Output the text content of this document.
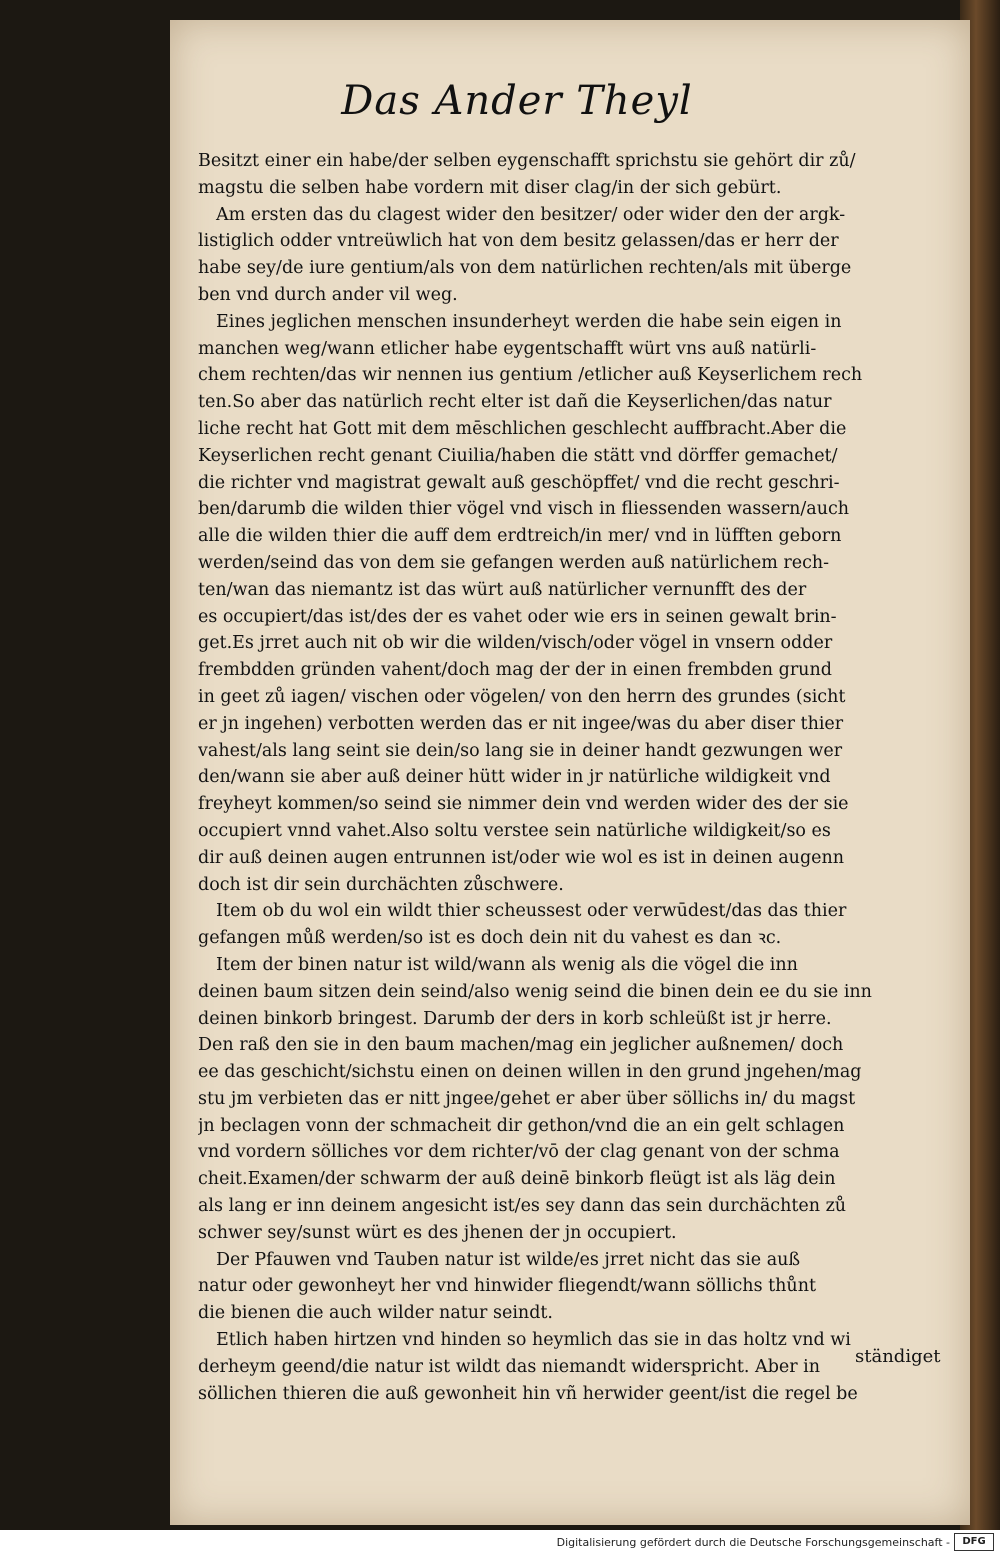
Das Ander Theyl
Besitzt einer ein habe/der selben eygenschafft sprichstu sie gehört dir zů/
magstu die selben habe vordern mit diser clag/in der sich gebürt.
Am ersten das du clagest wider den besitzer/ oder wider den der argk-
listiglich odder vntreüwlich hat von dem besitz gelassen/das er herr der
habe sey/de iure gentium/als von dem natürlichen rechten/als mit überge
ben vnd durch ander vil weg.
Eines jeglichen menschen insunderheyt werden die habe sein eigen in
manchen weg/wann etlicher habe eygentschafft würt vns auß natürli-
chem rechten/das wir nennen ius gentium /etlicher auß Keyserlichem rech
ten.So aber das natürlich recht elter ist dañ die Keyserlichen/das natur
liche recht hat Gott mit dem mēschlichen geschlecht auffbracht.Aber die
Keyserlichen recht genant Ciuilia/haben die stätt vnd dörffer gemachet/
die richter vnd magistrat gewalt auß geschöpffet/ vnd die recht geschri-
ben/darumb die wilden thier vögel vnd visch in fliessenden wassern/auch
alle die wilden thier die auff dem erdtreich/in mer/ vnd in lüfften geborn
werden/seind das von dem sie gefangen werden auß natürlichem rech-
ten/wan das niemantz ist das würt auß natürlicher vernunfft des der
es occupiert/das ist/des der es vahet oder wie ers in seinen gewalt brin-
get.Es jrret auch nit ob wir die wilden/visch/oder vögel in vnsern odder
frembdden gründen vahent/doch mag der der in einen frembden grund
in geet zů iagen/ vischen oder vögelen/ von den herrn des grundes (sicht
er jn ingehen) verbotten werden das er nit ingee/was du aber diser thier
vahest/als lang seint sie dein/so lang sie in deiner handt gezwungen wer
den/wann sie aber auß deiner hütt wider in jr natürliche wildigkeit vnd
freyheyt kommen/so seind sie nimmer dein vnd werden wider des der sie
occupiert vnnd vahet.Also soltu verstee sein natürliche wildigkeit/so es
dir auß deinen augen entrunnen ist/oder wie wol es ist in deinen augenn
doch ist dir sein durchächten zůschwere.
Item ob du wol ein wildt thier scheussest oder verwūdest/das das thier
gefangen můß werden/so ist es doch dein nit du vahest es dan ꝛc.
Item der binen natur ist wild/wann als wenig als die vögel die inn
deinen baum sitzen dein seind/also wenig seind die binen dein ee du sie inn
deinen binkorb bringest. Darumb der ders in korb schleüßt ist jr herre.
Den raß den sie in den baum machen/mag ein jeglicher außnemen/ doch
ee das geschicht/sichstu einen on deinen willen in den grund jngehen/mag
stu jm verbieten das er nitt jngee/gehet er aber über söllichs in/ du magst
jn beclagen vonn der schmacheit dir gethon/vnd die an ein gelt schlagen
vnd vordern sölliches vor dem richter/vō der clag genant von der schma
cheit.Examen/der schwarm der auß deinē binkorb fleügt ist als läg dein
als lang er inn deinem angesicht ist/es sey dann das sein durchächten zů
schwer sey/sunst würt es des jhenen der jn occupiert.
Der Pfauwen vnd Tauben natur ist wilde/es jrret nicht das sie auß
natur oder gewonheyt her vnd hinwider fliegendt/wann söllichs thůnt
die bienen die auch wilder natur seindt.
Etlich haben hirtzen vnd hinden so heymlich das sie in das holtz vnd wi
derheym geend/die natur ist wildt das niemandt widerspricht. Aber in
söllichen thieren die auß gewonheit hin vñ herwider geent/ist die regel be
ständiget
Digitalisierung gefördert durch die Deutsche Forschungsgemeinschaft -	DFG
